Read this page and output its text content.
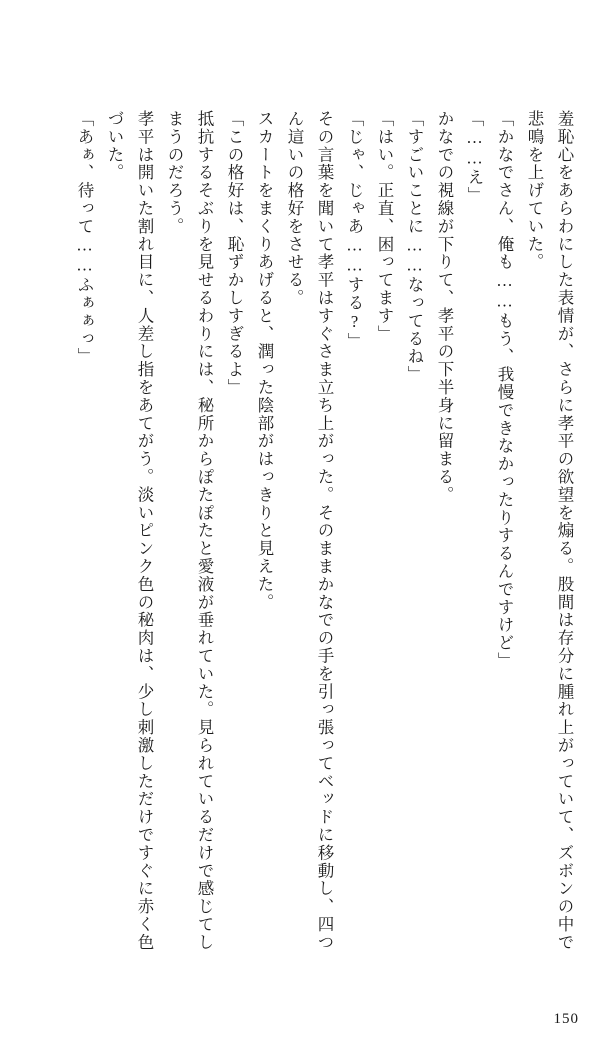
羞恥心をあらわにした表情が、さらに孝平の欲望を煽る。股間は存分に腫れ上がっていて、ズボンの中で悲鳴を上げていた。

「かなでさん、俺も……もう、我慢できなかったりするんですけど」

「……え」

かなでの視線が下りて、孝平の下半身に留まる。

「すごいことに……なってるね」

「はい。正直、困ってます」

「じゃ、じゃあ……する?」

その言葉を聞いて孝平はすぐさま立ち上がった。そのままかなでの手を引っ張ってベッドに移動し、四つん這いの格好をさせる。

スカートをまくりあげると、潤った陰部がはっきりと見えた。

「この格好は、恥ずかしすぎるよ」

抵抗するそぶりを見せるわりには、秘所からぽたぽたと愛液が垂れていた。見られているだけで感じてしまうのだろう。

孝平は開いた割れ目に、人差し指をあてがう。淡いピンク色の秘肉は、少し刺激しただけですぐに赤く色づいた。

「あぁ、待って……ふぁぁっ」

150
